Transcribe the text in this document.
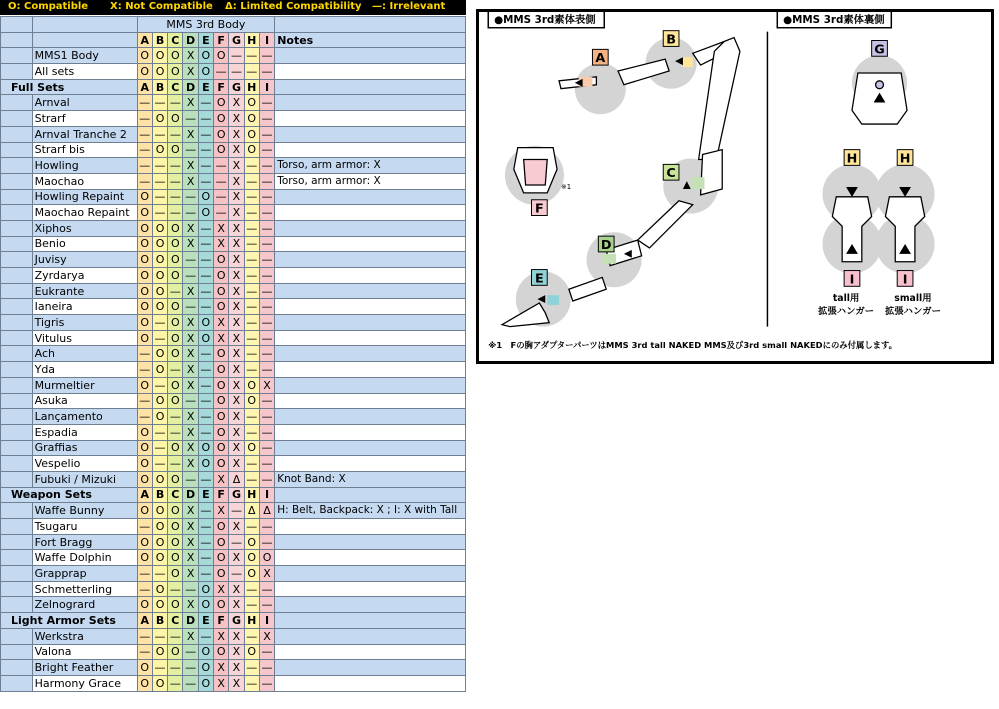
O: Compatible X: Not Compatible Δ: Limited Compatibility —: Irrelevant
		MMS 3rd Body									
		A	B	C	D	E	F	G	H	I	Notes
	MMS1 Body	O	O	O	X	O	O	—	—	—	
	All sets	O	O	O	X	O	—	—	—	—	
Full Sets		A	B	C	D	E	F	G	H	I	
	Arnval	—	—	—	X	—	O	X	O	—	
	Strarf	—	O	O	—	—	O	X	O	—	
	Arnval Tranche 2	—	—	—	X	—	O	X	O	—	
	Strarf bis	—	O	O	—	—	O	X	O	—	
	Howling	—	—	—	X	—	—	X	—	—	Torso, arm armor: X
	Maochao	—	—	—	X	—	—	X	—	—	Torso, arm armor: X
	Howling Repaint	O	—	—	—	O	—	X	—	—	
	Maochao Repaint	O	—	—	—	O	—	X	—	—	
	Xiphos	O	O	O	X	—	X	X	—	—	
	Benio	O	O	O	X	—	X	X	—	—	
	Juvisy	O	O	O	—	—	O	X	—	—	
	Zyrdarya	O	O	O	—	—	O	X	—	—	
	Eukrante	O	O	—	X	—	O	X	—	—	
	Ianeira	O	O	O	—	—	O	X	—	—	
	Tigris	O	—	O	X	O	X	X	—	—	
	Vitulus	O	—	O	X	O	X	X	—	—	
	Ach	—	O	O	X	—	O	X	—	—	
	Yda	—	O	—	X	—	O	X	—	—	
	Murmeltier	O	—	O	X	—	O	X	O	X	
	Asuka	—	O	O	—	—	O	X	O	—	
	Lançamento	—	O	—	X	—	O	X	—	—	
	Espadia	O	—	—	X	—	O	X	—	—	
	Graffias	O	—	O	X	O	O	X	O	—	
	Vespelio	O	—	—	X	O	O	X	—	—	
	Fubuki / Mizuki	O	O	O	—	—	X	Δ	—	—	Knot Band: X
Weapon Sets		A	B	C	D	E	F	G	H	I	
	Waffe Bunny	O	O	O	X	—	X	—	Δ	Δ	H: Belt, Backpack: X ; I: X with Tall
	Tsugaru	—	O	O	X	—	O	X	—	—	
	Fort Bragg	O	O	O	X	—	O	—	O	—	
	Waffe Dolphin	O	O	O	X	—	O	X	O	O	
	Grapprap	—	—	O	X	—	O	—	O	X	
	Schmetterling	—	O	—	—	O	X	X	—	—	
	Zelnogrard	O	O	O	X	O	O	X	—	—	
Light Armor Sets		A	B	C	D	E	F	G	H	I	
	Werkstra	—	—	—	X	—	X	X	—	X	
	Valona	—	O	O	—	O	O	X	O	—	
	Bright Feather	O	—	—	—	O	X	X	—	—	
	Harmony Grace	O	O	—	—	O	X	X	—	—	
●MMS 3rd素体表側	●MMS 3rd素体裏側
※1
A
B
C
D
E
F
G
H	H
I	I
tall用
拡張ハンガー
small用
拡張ハンガー
※1　Fの胸アダプターパーツはMMS 3rd tall NAKED MMS及び3rd small NAKEDにのみ付属します。
